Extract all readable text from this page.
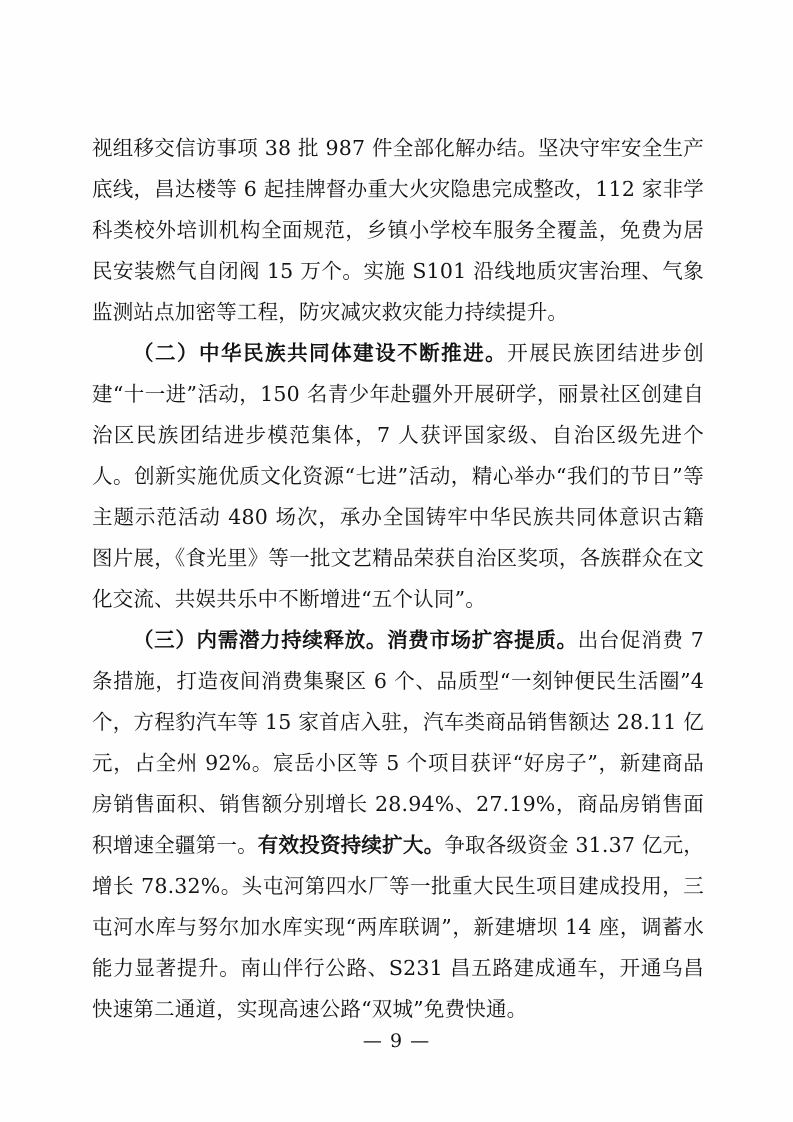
视组移交信访事项 38 批 987 件全部化解办结。坚决守牢安全生产底线，昌达楼等 6 起挂牌督办重大火灾隐患完成整改，112 家非学科类校外培训机构全面规范，乡镇小学校车服务全覆盖，免费为居民安装燃气自闭阀 15 万个。实施 S101 沿线地质灾害治理、气象监测站点加密等工程，防灾减灾救灾能力持续提升。

（二）中华民族共同体建设不断推进。开展民族团结进步创建“十一进”活动，150 名青少年赴疆外开展研学，丽景社区创建自治区民族团结进步模范集体，7 人获评国家级、自治区级先进个人。创新实施优质文化资源“七进”活动，精心举办“我们的节日”等主题示范活动 480 场次，承办全国铸牢中华民族共同体意识古籍图片展，《食光里》等一批文艺精品荣获自治区奖项，各族群众在文化交流、共娱共乐中不断增进“五个认同”。

（三）内需潜力持续释放。消费市场扩容提质。出台促消费 7 条措施，打造夜间消费集聚区 6 个、品质型“一刻钟便民生活圈”4 个，方程豹汽车等 15 家首店入驻，汽车类商品销售额达 28.11 亿元，占全州 92%。宸岳小区等 5 个项目获评“好房子”，新建商品房销售面积、销售额分别增长 28.94%、27.19%，商品房销售面积增速全疆第一。有效投资持续扩大。争取各级资金 31.37 亿元，增长 78.32%。头屯河第四水厂等一批重大民生项目建成投用，三屯河水库与努尔加水库实现“两库联调”，新建塘坝 14 座，调蓄水能力显著提升。南山伴行公路、S231 昌五路建成通车，开通乌昌快速第二通道，实现高速公路“双城”免费快通。

— 9 —
